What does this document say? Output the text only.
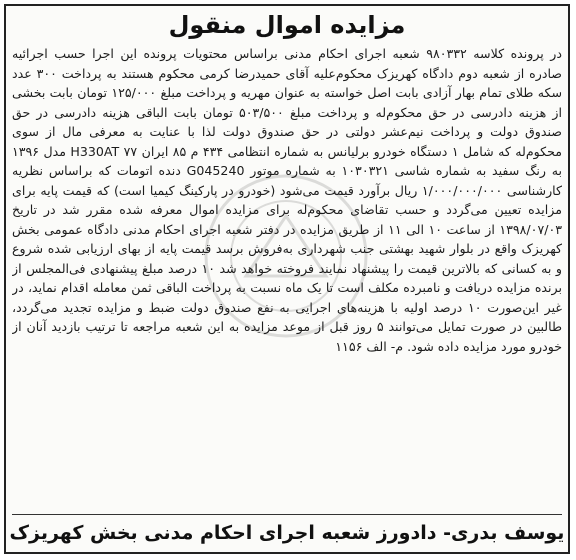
مزایده اموال منقول

در پرونده کلاسه ۹۸۰۳۳۲ شعبه اجرای احکام مدنی براساس محتویات پرونده این اجرا حسب اجرائیه صادره از شعبه دوم دادگاه کهریزک محکوم‌علیه آقای حمیدرضا کرمی محکوم هستند به پرداخت ۳۰۰ عدد سکه طلای تمام بهار آزادی بابت اصل خواسته به عنوان مهریه و پرداخت مبلغ ۱۲۵/۰۰۰ تومان بابت بخشی از هزینه دادرسی در حق محکوم‌له و پرداخت مبلغ ۵۰۳/۵۰۰ تومان بابت الباقی هزینه دادرسی در حق صندوق دولت و پرداخت نیم‌عشر دولتی در حق صندوق دولت لذا با عنایت به معرفی مال از سوی محکوم‌له که شامل ۱ دستگاه خودرو برلیانس به شماره انتظامی ۴۳۴ م ۸۵ ایران ۷۷ H330AT مدل ۱۳۹۶ به رنگ سفید به شماره شاسی ۱۰۳۰۳۲۱ به شماره موتور G045240 دنده اتومات که براساس نظریه کارشناسی ۱/۰۰۰/۰۰۰/۰۰۰ ریال برآورد قیمت می‌شود (خودرو در پارکینگ کیمیا است) که قیمت پایه برای مزایده تعیین می‌گردد و حسب تقاضای محکوم‌له برای مزایده اموال معرفه شده مقرر شد در تاریخ ۱۳۹۸/۰۷/۰۳ از ساعت ۱۰ الی ۱۱ از طریق مزایده در دفتر شعبه اجرای احکام مدنی دادگاه عمومی بخش کهریزک واقع در بلوار شهید بهشتی جنب شهرداری به‌فروش برسد قیمت پایه از بهای ارزیابی شده شروع و به کسانی که بالاترین قیمت را پیشنهاد نمایند فروخته خواهد شد ۱۰ درصد مبلغ پیشنهادی فی‌المجلس از برنده مزایده دریافت و نامبرده مکلف است تا یک ماه نسبت به پرداخت الباقی ثمن معامله اقدام نماید، در غیر این‌صورت ۱۰ درصد اولیه با هزینه‌های اجرایی به نفع صندوق دولت ضبط و مزایده تجدید می‌گردد، طالبین در صورت تمایل می‌توانند ۵ روز قبل از موعد مزایده به این شعبه مراجعه تا ترتیب بازدید آنان از خودرو مورد مزایده داده شود. م- الف ۱۱۵۶

یوسف بدری- دادورز شعبه اجرای احکام مدنی بخش کهریزک
